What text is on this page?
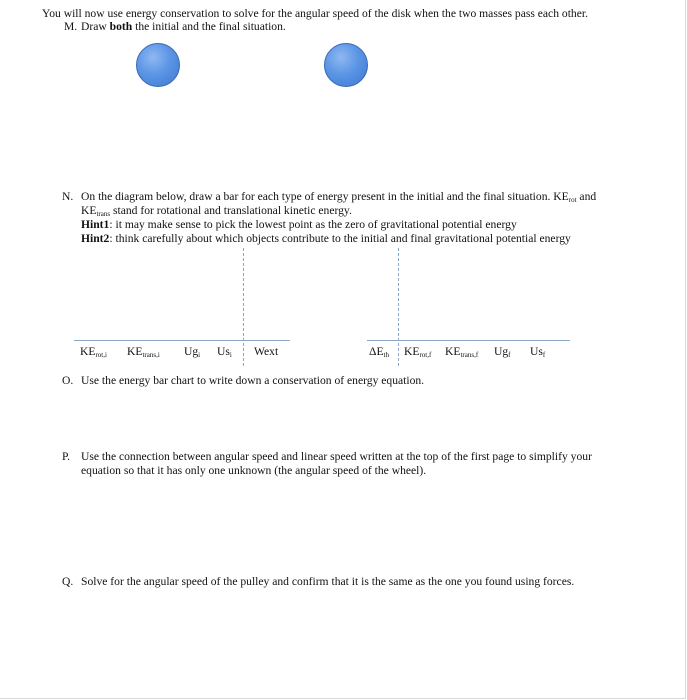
You will now use energy conservation to solve for the angular speed of the disk when the two masses pass each other.
M. Draw both the initial and the final situation.
N. On the diagram below, draw a bar for each type of energy present in the initial and the final situation. $KE_{rot}$ and
$KE_{trans}$ stand for rotational and translational kinetic energy.
Hint1: it may make sense to pick the lowest point as the zero of gravitational potential energy
Hint2: think carefully about which objects contribute to the initial and final gravitational potential energy
$KE_{rot,i}$ $KE_{trans,i}$ $Ug_i$ $Us_i$ Wext	$\Delta E_{th}$ $KE_{rot,f}$ $KE_{trans,f}$ $Ug_f$ $Us_f$
O. Use the energy bar chart to write down a conservation of energy equation.
P. Use the connection between angular speed and linear speed written at the top of the first page to simplify your
equation so that it has only one unknown (the angular speed of the wheel).
Q. Solve for the angular speed of the pulley and confirm that it is the same as the one you found using forces.
